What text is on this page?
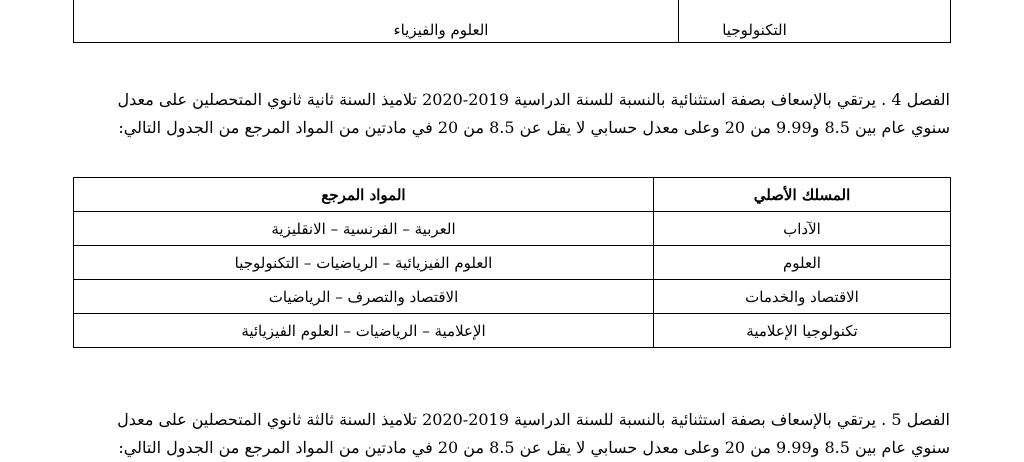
العلوم والفيزياء	التكنولوجيا
الفصل 4 . يرتقي بالإسعاف بصفة استثنائية بالنسبة للسنة الدراسية 2019-2020 تلاميذ السنة ثانية ثانوي المتحصلين على معدل
سنوي عام بين 8.5 و9.99 من 20 وعلى معدل حسابي لا يقل عن 8.5 من 20 في مادتين من المواد المرجع من الجدول التالي:
المسلك الأصلي	المواد المرجع
الآداب	العربية – الفرنسية – الانقليزية
العلوم	العلوم الفيزيائية – الرياضيات – التكنولوجيا
الاقتصاد والخدمات	الاقتصاد والتصرف – الرياضيات
تكنولوجيا الإعلامية	الإعلامية – الرياضيات – العلوم الفيزيائية
الفصل 5 . يرتقي بالإسعاف بصفة استثنائية بالنسبة للسنة الدراسية 2019-2020 تلاميذ السنة ثالثة ثانوي المتحصلين على معدل
سنوي عام بين 8.5 و9.99 من 20 وعلى معدل حسابي لا يقل عن 8.5 من 20 في مادتين من المواد المرجع من الجدول التالي:
